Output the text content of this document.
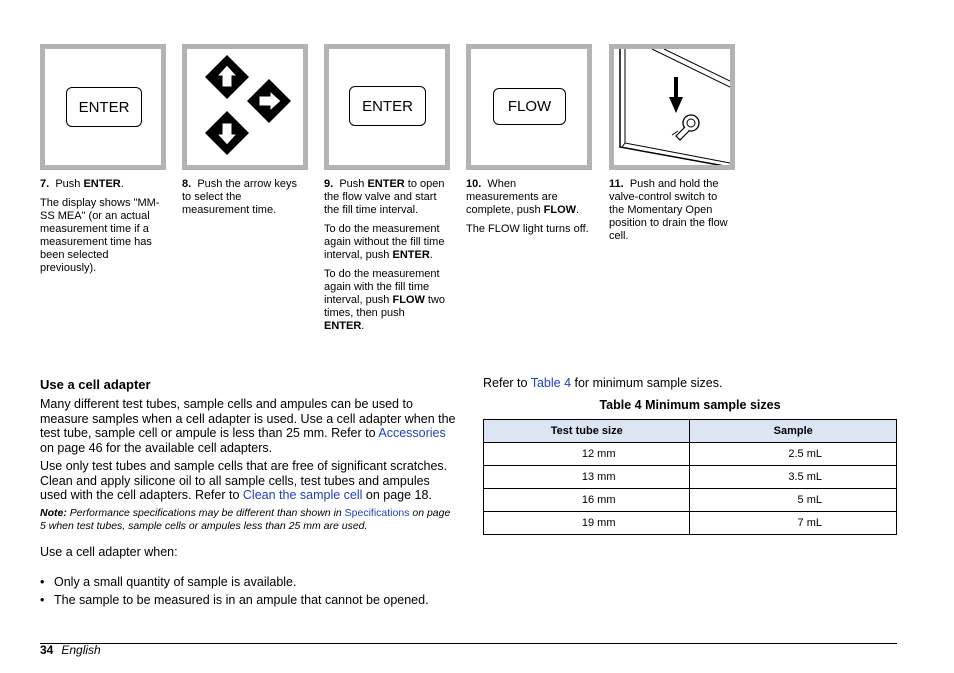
ENTER	ENTER	FLOW

7. Push ENTER.

The display shows "MM-SS MEA" (or an actual measurement time if a measurement time has been selected previously).

8. Push the arrow keys to select the measurement time.

9. Push ENTER to open the flow valve and start the fill time interval.

To do the measurement again without the fill time interval, push ENTER.

To do the measurement again with the fill time interval, push FLOW two times, then push ENTER.

10. When measurements are complete, push FLOW.

The FLOW light turns off.

11. Push and hold the valve-control switch to the Momentary Open position to drain the flow cell.

Use a cell adapter

Many different test tubes, sample cells and ampules can be used to measure samples when a cell adapter is used. Use a cell adapter when the test tube, sample cell or ampule is less than 25 mm. Refer to Accessories on page 46 for the available cell adapters.

Use only test tubes and sample cells that are free of significant scratches. Clean and apply silicone oil to all sample cells, test tubes and ampules used with the cell adapters. Refer to Clean the sample cell on page 18.

Note: Performance specifications may be different than shown in Specifications on page 5 when test tubes, sample cells or ampules less than 25 mm are used.

Use a cell adapter when:

• Only a small quantity of sample is available.
• The sample to be measured is in an ampule that cannot be opened.
Refer to Table 4 for minimum sample sizes.
Table 4 Minimum sample sizes
Test tube size	Sample
12 mm	2.5 mL
13 mm	3.5 mL
16 mm	5 mL
19 mm	7 mL
34 English
